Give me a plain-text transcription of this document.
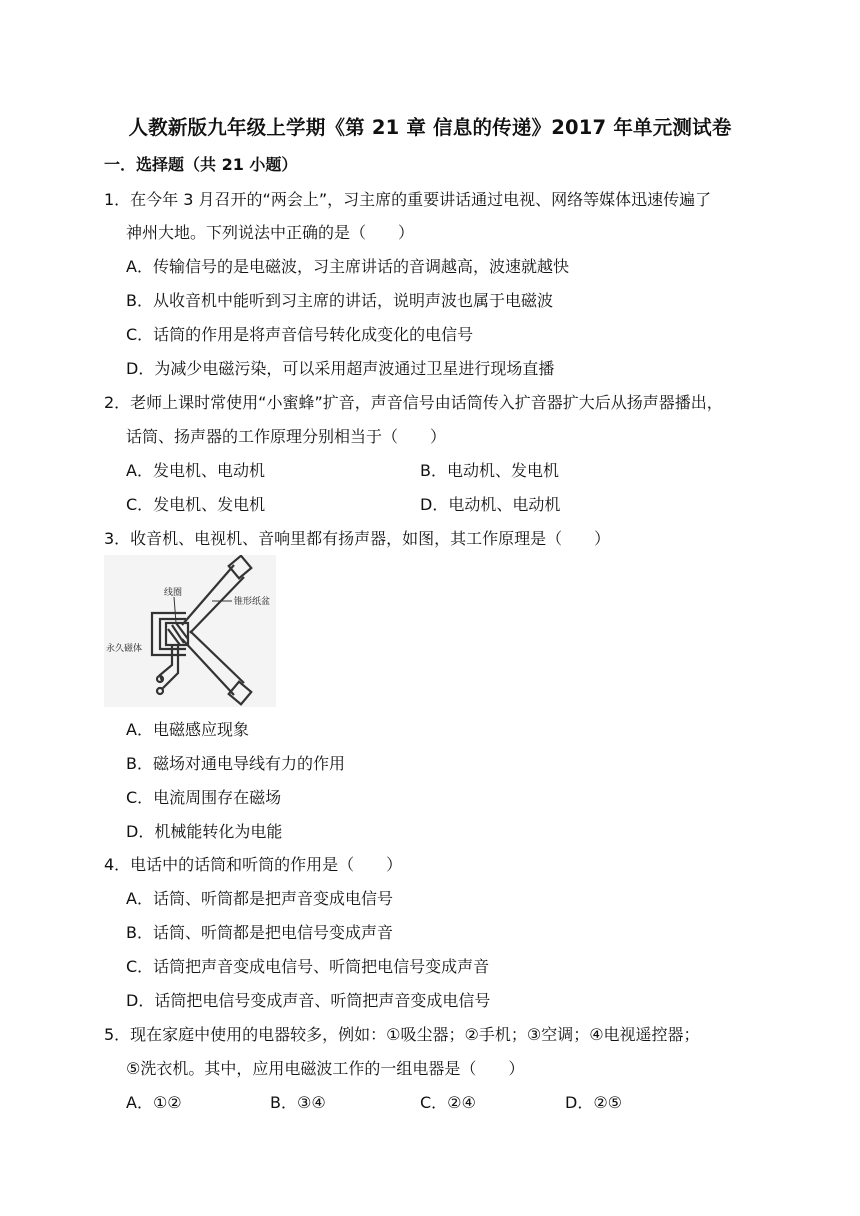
人教新版九年级上学期《第 21 章 信息的传递》2017 年单元测试卷
一．选择题（共 21 小题）
1．在今年 3 月召开的“两会上”，习主席的重要讲话通过电视、网络等媒体迅速传遍了
神州大地。下列说法中正确的是（　　）
A．传输信号的是电磁波，习主席讲话的音调越高，波速就越快
B．从收音机中能听到习主席的讲话，说明声波也属于电磁波
C．话筒的作用是将声音信号转化成变化的电信号
D．为减少电磁污染，可以采用超声波通过卫星进行现场直播
2．老师上课时常使用“小蜜蜂”扩音，声音信号由话筒传入扩音器扩大后从扬声器播出，
话筒、扬声器的工作原理分别相当于（　　）
A．发电机、电动机	B．电动机、发电机
C．发电机、发电机	D．电动机、电动机
3．收音机、电视机、音响里都有扬声器，如图，其工作原理是（　　）
线圈
锥形纸盆
永久磁体
A．电磁感应现象
B．磁场对通电导线有力的作用
C．电流周围存在磁场
D．机械能转化为电能
4．电话中的话筒和听筒的作用是（　　）
A．话筒、听筒都是把声音变成电信号
B．话筒、听筒都是把电信号变成声音
C．话筒把声音变成电信号、听筒把电信号变成声音
D．话筒把电信号变成声音、听筒把声音变成电信号
5．现在家庭中使用的电器较多，例如：①吸尘器；②手机；③空调；④电视遥控器；
⑤洗衣机。其中，应用电磁波工作的一组电器是（　　）
A．①②	B．③④	C．②④	D．②⑤
